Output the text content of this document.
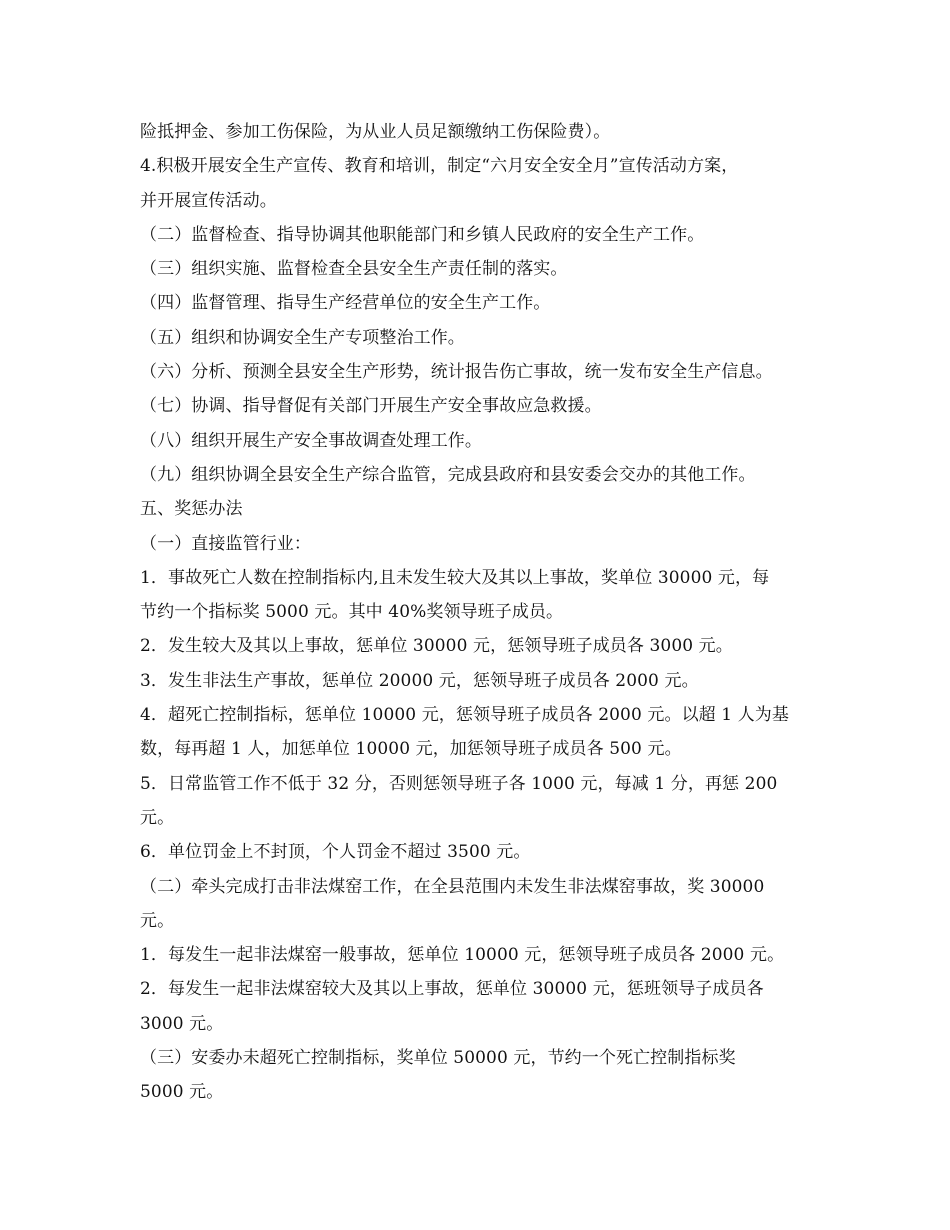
险抵押金、参加工伤保险，为从业人员足额缴纳工伤保险费）。
4.积极开展安全生产宣传、教育和培训，制定“六月安全安全月”宣传活动方案，
并开展宣传活动。
（二）监督检查、指导协调其他职能部门和乡镇人民政府的安全生产工作。
（三）组织实施、监督检查全县安全生产责任制的落实。
（四）监督管理、指导生产经营单位的安全生产工作。
（五）组织和协调安全生产专项整治工作。
（六）分析、预测全县安全生产形势，统计报告伤亡事故，统一发布安全生产信息。
（七）协调、指导督促有关部门开展生产安全事故应急救援。
（八）组织开展生产安全事故调查处理工作。
（九）组织协调全县安全生产综合监管，完成县政府和县安委会交办的其他工作。
五、奖惩办法
（一）直接监管行业：
1．事故死亡人数在控制指标内,且未发生较大及其以上事故，奖单位 30000 元，每
节约一个指标奖 5000 元。其中 40%奖领导班子成员。
2．发生较大及其以上事故，惩单位 30000 元，惩领导班子成员各 3000 元。
3．发生非法生产事故，惩单位 20000 元，惩领导班子成员各 2000 元。
4．超死亡控制指标，惩单位 10000 元，惩领导班子成员各 2000 元。以超 1 人为基
数，每再超 1 人，加惩单位 10000 元，加惩领导班子成员各 500 元。
5．日常监管工作不低于 32 分，否则惩领导班子各 1000 元，每减 1 分，再惩 200
元。
6．单位罚金上不封顶，个人罚金不超过 3500 元。
（二）牵头完成打击非法煤窑工作，在全县范围内未发生非法煤窑事故，奖 30000
元。
1．每发生一起非法煤窑一般事故，惩单位 10000 元，惩领导班子成员各 2000 元。
2．每发生一起非法煤窑较大及其以上事故，惩单位 30000 元，惩班领导子成员各
3000 元。
（三）安委办未超死亡控制指标，奖单位 50000 元，节约一个死亡控制指标奖
5000 元。
